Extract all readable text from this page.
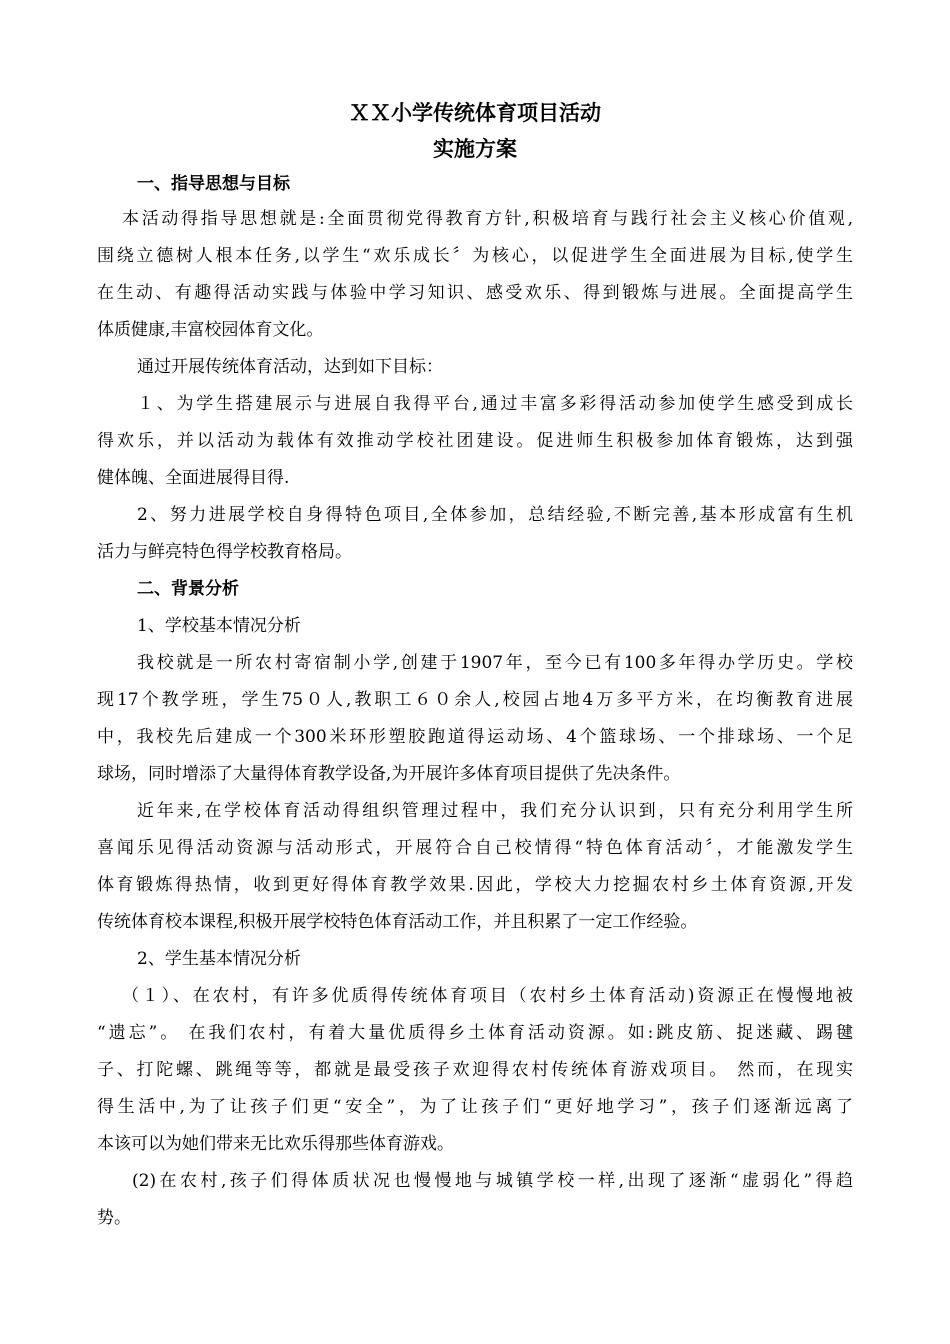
ＸＸ小学传统体育项目活动
实施方案
一、指导思想与目标
本活动得指导思想就是:全面贯彻党得教育方针,积极培育与践行社会主义核心价值观,
围绕立德树人根本任务,以学生“欢乐成长〞为核心，以促进学生全面进展为目标,使学生
在生动、有趣得活动实践与体验中学习知识、感受欢乐、得到锻炼与进展。全面提高学生
体质健康,丰富校园体育文化。
通过开展传统体育活动，达到如下目标：
１、为学生搭建展示与进展自我得平台,通过丰富多彩得活动参加使学生感受到成长
得欢乐，并以活动为载体有效推动学校社团建设。促进师生积极参加体育锻炼，达到强
健体魄、全面进展得目得.
2、努力进展学校自身得特色项目,全体参加，总结经验,不断完善,基本形成富有生机
活力与鲜亮特色得学校教育格局。
二、背景分析
1、学校基本情况分析
我校就是一所农村寄宿制小学,创建于1907年，至今已有100多年得办学历史。学校
现17个教学班，学生75０人,教职工６０余人,校园占地4万多平方米，在均衡教育进展
中，我校先后建成一个300米环形塑胶跑道得运动场、4个篮球场、一个排球场、一个足
球场，同时增添了大量得体育教学设备,为开展许多体育项目提供了先决条件。
近年来,在学校体育活动得组织管理过程中，我们充分认识到，只有充分利用学生所
喜闻乐见得活动资源与活动形式，开展符合自己校情得“特色体育活动〞，才能激发学生
体育锻炼得热情，收到更好得体育教学效果.因此，学校大力挖掘农村乡土体育资源,开发
传统体育校本课程,积极开展学校特色体育活动工作，并且积累了一定工作经验。
2、学生基本情况分析
（１）、在农村，有许多优质得传统体育项目（农村乡土体育活动)资源正在慢慢地被
“遗忘”。 在我们农村，有着大量优质得乡土体育活动资源。如:跳皮筋、捉迷藏、踢毽
子、打陀螺、跳绳等等，都就是最受孩子欢迎得农村传统体育游戏项目。 然而，在现实
得生活中,为了让孩子们更“安全”，为了让孩子们“更好地学习”，孩子们逐渐远离了
本该可以为她们带来无比欢乐得那些体育游戏。
(2)在农村,孩子们得体质状况也慢慢地与城镇学校一样,出现了逐渐“虚弱化”得趋
势。
